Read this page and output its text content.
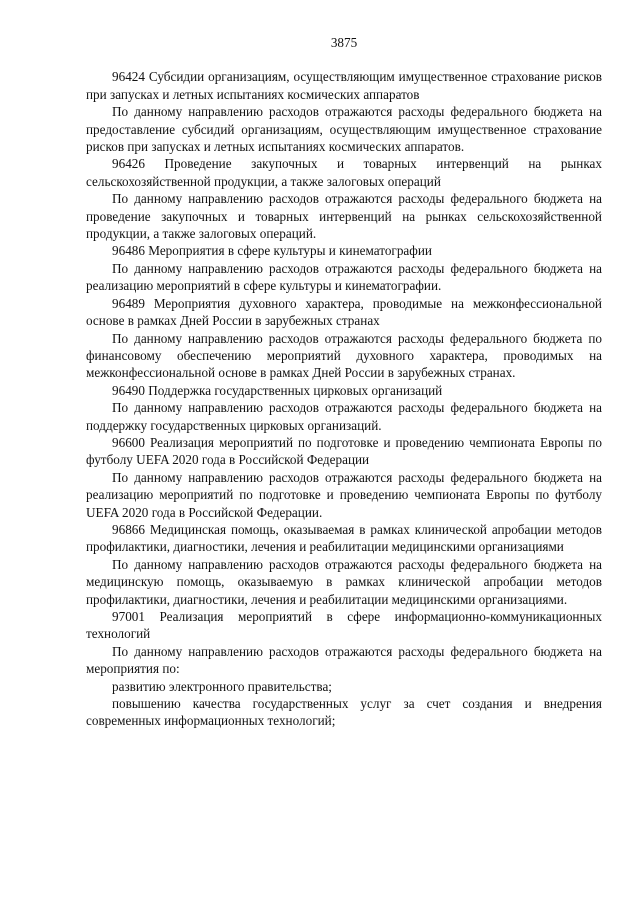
3875

96424 Субсидии организациям, осуществляющим имущественное страхование рисков при запусках и летных испытаниях космических аппаратов

По данному направлению расходов отражаются расходы федерального бюджета на предоставление субсидий организациям, осуществляющим имущественное страхование рисков при запусках и летных испытаниях космических аппаратов.

96426 Проведение закупочных и товарных интервенций на рынках сельскохозяйственной продукции, а также залоговых операций

По данному направлению расходов отражаются расходы федерального бюджета на проведение закупочных и товарных интервенций на рынках сельскохозяйственной продукции, а также залоговых операций.

96486 Мероприятия в сфере культуры и кинематографии

По данному направлению расходов отражаются расходы федерального бюджета на реализацию мероприятий в сфере культуры и кинематографии.

96489 Мероприятия духовного характера, проводимые на межконфессиональной основе в рамках Дней России в зарубежных странах

По данному направлению расходов отражаются расходы федерального бюджета по финансовому обеспечению мероприятий духовного характера, проводимых на межконфессиональной основе в рамках Дней России в зарубежных странах.

96490 Поддержка государственных цирковых организаций

По данному направлению расходов отражаются расходы федерального бюджета на поддержку государственных цирковых организаций.

96600 Реализация мероприятий по подготовке и проведению чемпионата Европы по футболу UEFA 2020 года в Российской Федерации

По данному направлению расходов отражаются расходы федерального бюджета на реализацию мероприятий по подготовке и проведению чемпионата Европы по футболу UEFA 2020 года в Российской Федерации.

96866 Медицинская помощь, оказываемая в рамках клинической апробации методов профилактики, диагностики, лечения и реабилитации медицинскими организациями

По данному направлению расходов отражаются расходы федерального бюджета на медицинскую помощь, оказываемую в рамках клинической апробации методов профилактики, диагностики, лечения и реабилитации медицинскими организациями.

97001 Реализация мероприятий в сфере информационно-коммуникационных технологий

По данному направлению расходов отражаются расходы федерального бюджета на мероприятия по:

развитию электронного правительства;

повышению качества государственных услуг за счет создания и внедрения современных информационных технологий;
